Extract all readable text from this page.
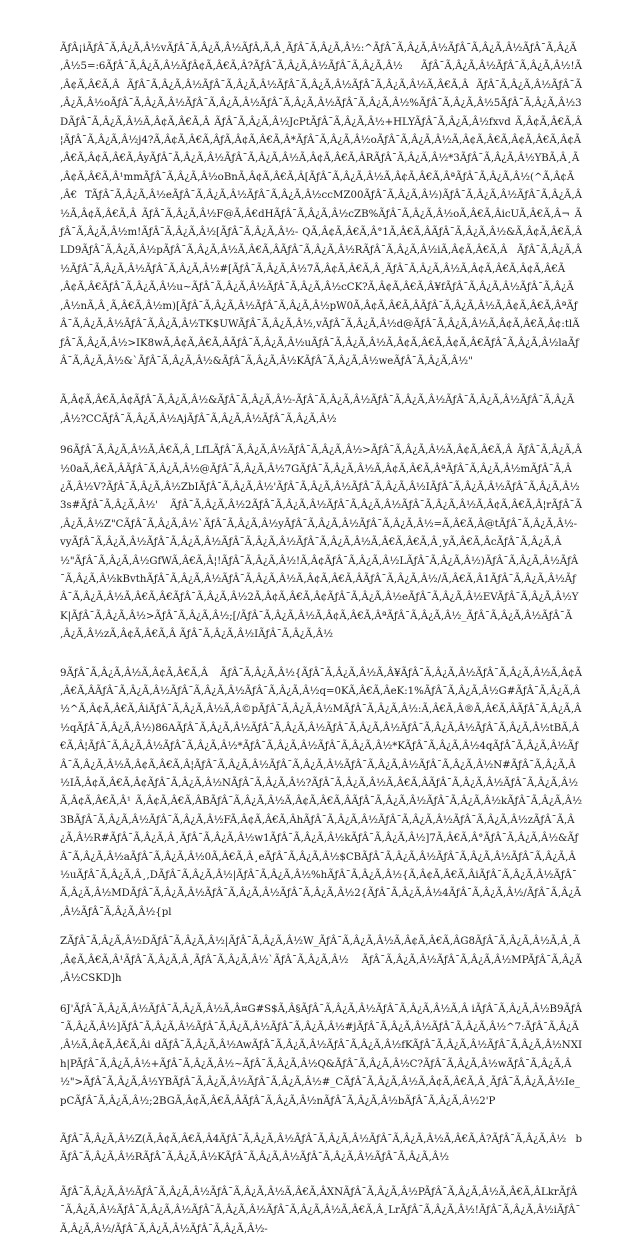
ÃƒÂ¡iÃƒÂ¯Ã‚Â¿Ã‚Â½vÃƒÂ¯Ã‚Â¿Ã‚Â½ÃƒÂ‚Ã‚Â¸ÃƒÂ¯Ã‚Â¿Ã‚Â½:^ÃƒÂ¯Ã‚Â¿Ã‚Â½ÃƒÂ¯Ã‚Â¿Ã‚Â½ÃƒÂ¯Ã‚Â¿Ã‚Â½5=:6ÃƒÂ¯Ã‚Â¿Ã‚Â½ÃƒÂ¢Ã‚Â€Ã‚Â?ÃƒÂ¯Ã‚Â¿Ã‚Â½ÃƒÂ¯Ã‚Â¿Ã‚Â½ ÃƒÂ¯Ã‚Â¿Ã‚Â½ÃƒÂ¯Ã‚Â¿Ã‚Â½!Ã‚Â¢Ã‚Â€Ã‚Â ÃƒÂ¯Ã‚Â¿Ã‚Â½ÃƒÂ¯Ã‚Â¿Ã‚Â½ÃƒÂ¯Ã‚Â¿Ã‚Â½ÃƒÂ¯Ã‚Â¿Ã‚Â½Ã‚Â€Ã‚Â ÃƒÂ¯Ã‚Â¿Ã‚Â½ÃƒÂ¯Ã‚Â¿Ã‚Â½oÃƒÂ¯Ã‚Â¿Ã‚Â½ÃƒÂ¯Ã‚Â¿Ã‚Â½ÃƒÂ¯Ã‚Â¿Ã‚Â½ÃƒÂ¯Ã‚Â¿Ã‚Â½%ÃƒÂ¯Ã‚Â¿Ã‚Â½5ÃƒÂ¯Ã‚Â¿Ã‚Â½3DÃƒÂ¯Ã‚Â¿Ã‚Â½Ã‚Â¢Ã‚Â€Ã‚Â ÃƒÂ¯Ã‚Â¿Ã‚Â½JcPtÃƒÂ¯Ã‚Â¿Ã‚Â½+HLYÃƒÂ¯Ã‚Â¿Ã‚Â½fxvd Ã‚Â¢Ã‚Â€Ã‚Â¦ÃƒÂ¯Ã‚Â¿Ã‚Â½j4?Ã‚Â¢Ã‚Â€Ã‚ÂƒÃ‚Â¢Ã‚Â€Ã‚Â*ÃƒÂ¯Ã‚Â¿Ã‚Â½oÃƒÂ¯Ã‚Â¿Ã‚Â½Ã‚Â¢Ã‚Â€Ã‚Â¢Ã‚Â€Ã‚Â¢Ã‚Â€Ã‚Â¢Ã‚Â€Ã‚ÂyÃƒÂ¯Ã‚Â¿Ã‚Â½ÃƒÂ¯Ã‚Â¿Ã‚Â½Ã‚Â¢Ã‚Â€Ã‚ÂRÃƒÂ¯Ã‚Â¿Ã‚Â½*3ÃƒÂ¯Ã‚Â¿Ã‚Â½YBÃ‚Â¸Ã‚Â¢Ã‚Â€Ã‚Â¹mmÃƒÂ¯Ã‚Â¿Ã‚Â½oBnÃ‚Â¢Ã‚Â€Ã‚Â[ÃƒÂ¯Ã‚Â¿Ã‚Â½Ã‚Â¢Ã‚Â€Ã‚ÂªÃƒÂ¯Ã‚Â¿Ã‚Â½(^Ã‚Â¢Ã‚Â€ TÃƒÂ¯Ã‚Â¿Ã‚Â½eÃƒÂ¯Ã‚Â¿Ã‚Â½ÃƒÂ¯Ã‚Â¿Ã‚Â½ccMZ00ÃƒÂ¯Ã‚Â¿Ã‚Â½)ÃƒÂ¯Ã‚Â¿Ã‚Â½ÃƒÂ¯Ã‚Â¿Ã‚Â½Ã‚Â¢Ã‚Â€Ã‚Â ÃƒÂ¯Ã‚Â¿Ã‚Â½F@Ã‚Â€dHÃƒÂ¯Ã‚Â¿Ã‚Â½cZB%ÃƒÂ¯Ã‚Â¿Ã‚Â½oÃ‚Â€Ã‚ÂicUÃ‚Â€Ã‚Â¬ ÃƒÂ¯Ã‚Â¿Ã‚Â½m!ÃƒÂ¯Ã‚Â¿Ã‚Â½[ÃƒÂ¯Ã‚Â¿Ã‚Â½- QÃ‚Â¢Ã‚Â€Ã‚Â°1Ã‚Â€Ã‚ÂÃƒÂ¯Ã‚Â¿Ã‚Â½&Ã‚Â¢Ã‚Â€Ã‚ÂLD9ÃƒÂ¯Ã‚Â¿Ã‚Â½pÃƒÂ¯Ã‚Â¿Ã‚Â½Ã‚Â€Ã‚ÂÃƒÂ¯Ã‚Â¿Ã‚Â½RÃƒÂ¯Ã‚Â¿Ã‚Â½iÃ‚Â¢Ã‚Â€Ã‚Â ÃƒÂ¯Ã‚Â¿Ã‚Â½ÃƒÂ¯Ã‚Â¿Ã‚Â½ÃƒÂ¯Ã‚Â¿Ã‚Â½#[ÃƒÂ¯Ã‚Â¿Ã‚Â½7Ã‚Â¢Ã‚Â€Ã‚Â¸ÃƒÂ¯Ã‚Â¿Ã‚Â½Ã‚Â¢Ã‚Â€Ã‚Â¢Ã‚Â€Ã‚Â¢Ã‚Â€ÃƒÂ¯Ã‚Â¿Ã‚Â½u~ÃƒÂ¯Ã‚Â¿Ã‚Â½ÃƒÂ¯Ã‚Â¿Ã‚Â½cCK?Ã‚Â¢Ã‚Â€Ã‚Â¥fÃƒÂ¯Ã‚Â¿Ã‚Â½ÃƒÂ¯Ã‚Â¿Ã‚Â½nÃ‚Â¸Ã‚Â€Ã‚Â½m)[ÃƒÂ¯Ã‚Â¿Ã‚Â½ÃƒÂ¯Ã‚Â¿Ã‚Â½pW0Ã‚Â¢Ã‚Â€Ã‚ÂÃƒÂ¯Ã‚Â¿Ã‚Â½Ã‚Â¢Ã‚Â€Ã‚ÂªÃƒÂ¯Ã‚Â¿Ã‚Â½ÃƒÂ¯Ã‚Â¿Ã‚Â½TK$UWÃƒÂ¯Ã‚Â¿Ã‚Â½,vÃƒÂ¯Ã‚Â¿Ã‚Â½d@ÃƒÂ¯Ã‚Â¿Ã‚Â½Ã‚Â¢Ã‚Â€Ã‚Â¢:tlÃƒÂ¯Ã‚Â¿Ã‚Â½>IK8wÃ‚Â¢Ã‚Â€Ã‚ÂÃƒÂ¯Ã‚Â¿Ã‚Â½uÃƒÂ¯Ã‚Â¿Ã‚Â½Ã‚Â¢Ã‚Â€Ã‚Â¢Ã‚Â€ÃƒÂ¯Ã‚Â¿Ã‚Â½laÃƒÂ¯Ã‚Â¿Ã‚Â½&`ÃƒÂ¯Ã‚Â¿Ã‚Â½&ÃƒÂ¯Ã‚Â¿Ã‚Â½KÃƒÂ¯Ã‚Â¿Ã‚Â½weÃƒÂ¯Ã‚Â¿Ã‚Â½"

Ã‚Â¢Ã‚Â€Ã‚Â¢ÃƒÂ¯Ã‚Â¿Ã‚Â½&ÃƒÂ¯Ã‚Â¿Ã‚Â½-ÃƒÂ¯Ã‚Â¿Ã‚Â½ÃƒÂ¯Ã‚Â¿Ã‚Â½ÃƒÂ¯Ã‚Â¿Ã‚Â½ÃƒÂ¯Ã‚Â¿Ã‚Â½?CCÃƒÂ¯Ã‚Â¿Ã‚Â½AjÃƒÂ¯Ã‚Â¿Ã‚Â½ÃƒÂ¯Ã‚Â¿Ã‚Â½

96ÃƒÂ¯Ã‚Â¿Ã‚Â½Ã‚Â€Ã‚Â¸LfLÃƒÂ¯Ã‚Â¿Ã‚Â½ÃƒÂ¯Ã‚Â¿Ã‚Â½>ÃƒÂ¯Ã‚Â¿Ã‚Â½Ã‚Â¢Ã‚Â€Ã‚Â ÃƒÂ¯Ã‚Â¿Ã‚Â½0aÃ‚Â€Ã‚ÂÃƒÂ¯Ã‚Â¿Ã‚Â½@ÃƒÂ¯Ã‚Â¿Ã‚Â½7GÃƒÂ¯Ã‚Â¿Ã‚Â½Ã‚Â¢Ã‚Â€Ã‚ÂªÃƒÂ¯Ã‚Â¿Ã‚Â½mÃƒÂ¯Ã‚Â¿Ã‚Â½V?ÃƒÂ¯Ã‚Â¿Ã‚Â½ZbIÃƒÂ¯Ã‚Â¿Ã‚Â½'ÃƒÂ¯Ã‚Â¿Ã‚Â½ÃƒÂ¯Ã‚Â¿Ã‚Â½IÃƒÂ¯Ã‚Â¿Ã‚Â½ÃƒÂ¯Ã‚Â¿Ã‚Â½3s#ÃƒÂ¯Ã‚Â¿Ã‚Â½' ÃƒÂ¯Ã‚Â¿Ã‚Â½2ÃƒÂ¯Ã‚Â¿Ã‚Â½ÃƒÂ¯Ã‚Â¿Ã‚Â½ÃƒÂ¯Ã‚Â¿Ã‚Â½Ã‚Â¢Ã‚Â€Ã‚Â¦rÃƒÂ¯Ã‚Â¿Ã‚Â½Z"CÃƒÂ¯Ã‚Â¿Ã‚Â½`ÃƒÂ¯Ã‚Â¿Ã‚Â½yÃƒÂ¯Ã‚Â¿Ã‚Â½ÃƒÂ¯Ã‚Â¿Ã‚Â½=Ã‚Â€Ã‚Â@tÃƒÂ¯Ã‚Â¿Ã‚Â½- vyÃƒÂ¯Ã‚Â¿Ã‚Â½ÃƒÂ¯Ã‚Â¿Ã‚Â½ÃƒÂ¯Ã‚Â¿Ã‚Â½ÃƒÂ¯Ã‚Â¿Ã‚Â½Ã‚Â€Ã‚Â€Ã‚Â¸yÃ‚Â€Ã‚ÂcÃƒÂ¯Ã‚Â¿Ã‚Â½"ÃƒÂ¯Ã‚Â¿Ã‚Â½GfWÃ‚Â€Ã‚Â¦!ÃƒÂ¯Ã‚Â¿Ã‚Â½!Ã‚Â¢ÃƒÂ¯Ã‚Â¿Ã‚Â½LÃƒÂ¯Ã‚Â¿Ã‚Â½)ÃƒÂ¯Ã‚Â¿Ã‚Â½ÃƒÂ¯Ã‚Â¿Ã‚Â½kBvthÃƒÂ¯Ã‚Â¿Ã‚Â½ÃƒÂ¯Ã‚Â¿Ã‚Â½Ã‚Â¢Ã‚Â€Ã‚ÂÃƒÂ¯Ã‚Â¿Ã‚Â½/Ã‚Â€Ã‚Â1ÃƒÂ¯Ã‚Â¿Ã‚Â½ÃƒÂ¯Ã‚Â¿Ã‚Â½Ã‚Â€Ã‚Â€ÃƒÂ¯Ã‚Â¿Ã‚Â½2Ã‚Â¢Ã‚Â€Ã‚Â¢ÃƒÂ¯Ã‚Â¿Ã‚Â½eÃƒÂ¯Ã‚Â¿Ã‚Â½EVÃƒÂ¯Ã‚Â¿Ã‚Â½YK|ÃƒÂ¯Ã‚Â¿Ã‚Â½>ÃƒÂ¯Ã‚Â¿Ã‚Â½;[/ÃƒÂ¯Ã‚Â¿Ã‚Â½Ã‚Â¢Ã‚Â€Ã‚ÂªÃƒÂ¯Ã‚Â¿Ã‚Â½_ÃƒÂ¯Ã‚Â¿Ã‚Â½ÃƒÂ¯Ã‚Â¿Ã‚Â½zÃ‚Â¢Ã‚Â€Ã‚Â ÃƒÂ¯Ã‚Â¿Ã‚Â½IÃƒÂ¯Ã‚Â¿Ã‚Â½

9ÃƒÂ¯Ã‚Â¿Ã‚Â½Ã‚Â¢Ã‚Â€Ã‚Â ÃƒÂ¯Ã‚Â¿Ã‚Â½{ÃƒÂ¯Ã‚Â¿Ã‚Â½Ã‚Â¥ÃƒÂ¯Ã‚Â¿Ã‚Â½ÃƒÂ¯Ã‚Â¿Ã‚Â½Ã‚Â¢Ã‚Â€Ã‚ÂÃƒÂ¯Ã‚Â¿Ã‚Â½ÃƒÂ¯Ã‚Â¿Ã‚Â½ÃƒÂ¯Ã‚Â¿Ã‚Â½q=0KÃ‚Â€Ã‚ÂeK:1%ÃƒÂ¯Ã‚Â¿Ã‚Â½G#ÃƒÂ¯Ã‚Â¿Ã‚Â½^Ã‚Â¢Ã‚Â€Ã‚ÂiÃƒÂ¯Ã‚Â¿Ã‚Â½Ã‚Â©pÃƒÂ¯Ã‚Â¿Ã‚Â½MÃƒÂ¯Ã‚Â¿Ã‚Â½:Ã‚Â€Ã‚Â®Ã‚Â€Ã‚ÂÃƒÂ¯Ã‚Â¿Ã‚Â½qÃƒÂ¯Ã‚Â¿Ã‚Â½)86AÃƒÂ¯Ã‚Â¿Ã‚Â½ÃƒÂ¯Ã‚Â¿Ã‚Â½ÃƒÂ¯Ã‚Â¿Ã‚Â½ÃƒÂ¯Ã‚Â¿Ã‚Â½ÃƒÂ¯Ã‚Â¿Ã‚Â½tBÃ‚Â€Ã‚Â¦ÃƒÂ¯Ã‚Â¿Ã‚Â½ÃƒÂ¯Ã‚Â¿Ã‚Â½*ÃƒÂ¯Ã‚Â¿Ã‚Â½ÃƒÂ¯Ã‚Â¿Ã‚Â½*KÃƒÂ¯Ã‚Â¿Ã‚Â½4qÃƒÂ¯Ã‚Â¿Ã‚Â½ÃƒÂ¯Ã‚Â¿Ã‚Â½Ã‚Â¢Ã‚Â€Ã‚Â¦ÃƒÂ¯Ã‚Â¿Ã‚Â½ÃƒÂ¯Ã‚Â¿Ã‚Â½ÃƒÂ¯Ã‚Â¿Ã‚Â½ÃƒÂ¯Ã‚Â¿Ã‚Â½N#ÃƒÂ¯Ã‚Â¿Ã‚Â½IÃ‚Â¢Ã‚Â€Ã‚Â¢ÃƒÂ¯Ã‚Â¿Ã‚Â½NÃƒÂ¯Ã‚Â¿Ã‚Â½?ÃƒÂ¯Ã‚Â¿Ã‚Â½Ã‚Â€Ã‚ÂÃƒÂ¯Ã‚Â¿Ã‚Â½ÃƒÂ¯Ã‚Â¿Ã‚Â½Ã‚Â¢Ã‚Â€Ã‚Â¹ Ã‚Â¢Ã‚Â€Ã‚ÂBÃƒÂ¯Ã‚Â¿Ã‚Â½Ã‚Â¢Ã‚Â€Ã‚ÂÃƒÂ¯Ã‚Â¿Ã‚Â½ÃƒÂ¯Ã‚Â¿Ã‚Â½kÃƒÂ¯Ã‚Â¿Ã‚Â½3BÃƒÂ¯Ã‚Â¿Ã‚Â½ÃƒÂ¯Ã‚Â¿Ã‚Â½FÃ‚Â¢Ã‚Â€Ã‚ÂhÃƒÂ¯Ã‚Â¿Ã‚Â½ÃƒÂ¯Ã‚Â¿Ã‚Â½ÃƒÂ¯Ã‚Â¿Ã‚Â½zÃƒÂ¯Ã‚Â¿Ã‚Â½R#ÃƒÂ¯Ã‚Â¿Ã‚Â¸ÃƒÂ¯Ã‚Â¿Ã‚Â½w1ÃƒÂ¯Ã‚Â¿Ã‚Â½kÃƒÂ¯Ã‚Â¿Ã‚Â½]7Ã‚Â€Ã‚Â°ÃƒÂ¯Ã‚Â¿Ã‚Â½&ÃƒÂ¯Ã‚Â¿Ã‚Â½aÃƒÂ¯Ã‚Â¿Ã‚Â½0Ã‚Â€Ã‚Â¸eÃƒÂ¯Ã‚Â¿Ã‚Â½$CBÃƒÂ¯Ã‚Â¿Ã‚Â½ÃƒÂ¯Ã‚Â¿Ã‚Â½ÃƒÂ¯Ã‚Â¿Ã‚Â½uÃƒÂ¯Ã‚Â¿Ã‚Â¸,DÃƒÂ¯Ã‚Â¿Ã‚Â½|ÃƒÂ¯Ã‚Â¿Ã‚Â½%hÃƒÂ¯Ã‚Â¿Ã‚Â½{Ã‚Â¢Ã‚Â€Ã‚ÂiÃƒÂ¯Ã‚Â¿Ã‚Â½ÃƒÂ¯Ã‚Â¿Ã‚Â½MDÃƒÂ¯Ã‚Â¿Ã‚Â½ÃƒÂ¯Ã‚Â¿Ã‚Â½ÃƒÂ¯Ã‚Â¿Ã‚Â½2{ÃƒÂ¯Ã‚Â¿Ã‚Â½4ÃƒÂ¯Ã‚Â¿Ã‚Â½/ÃƒÂ¯Ã‚Â¿Ã‚Â½ÃƒÂ¯Ã‚Â¿Ã‚Â½{pl

ZÃƒÂ¯Ã‚Â¿Ã‚Â½DÃƒÂ¯Ã‚Â¿Ã‚Â½|ÃƒÂ¯Ã‚Â¿Ã‚Â½W_ÃƒÂ¯Ã‚Â¿Ã‚Â½Ã‚Â¢Ã‚Â€Ã‚ÂG8ÃƒÂ¯Ã‚Â¿Ã‚Â½Ã‚Â¸Ã‚Â¢Ã‚Â€Ã‚Â¹ÃƒÂ¯Ã‚Â¿Ã‚Â¸ÃƒÂ¯Ã‚Â¿Ã‚Â½`ÃƒÂ¯Ã‚Â¿Ã‚Â½ ÃƒÂ¯Ã‚Â¿Ã‚Â½ÃƒÂ¯Ã‚Â¿Ã‚Â½MPÃƒÂ¯Ã‚Â¿Ã‚Â½CSKD]h

6J'ÃƒÂ¯Ã‚Â¿Ã‚Â½ÃƒÂ¯Ã‚Â¿Ã‚Â½Ã‚Â¤G#S$Ã‚Â§ÃƒÂ¯Ã‚Â¿Ã‚Â½ÃƒÂ¯Ã‚Â¿Ã‚Â½Ã‚Â iÃƒÂ¯Ã‚Â¿Ã‚Â½B9ÃƒÂ¯Ã‚Â¿Ã‚Â½]ÃƒÂ¯Ã‚Â¿Ã‚Â½ÃƒÂ¯Ã‚Â¿Ã‚Â½ÃƒÂ¯Ã‚Â¿Ã‚Â½#jÃƒÂ¯Ã‚Â¿Ã‚Â½ÃƒÂ¯Ã‚Â¿Ã‚Â½^7:ÃƒÂ¯Ã‚Â¿Ã‚Â½Ã‚Â¢Ã‚Â€Ã‚Âi dÃƒÂ¯Ã‚Â¿Ã‚Â½AwÃƒÂ¯Ã‚Â¿Ã‚Â½ÃƒÂ¯Ã‚Â¿Ã‚Â½fKÃƒÂ¯Ã‚Â¿Ã‚Â½ÃƒÂ¯Ã‚Â¿Ã‚Â½NXIh|PÃƒÂ¯Ã‚Â¿Ã‚Â½+ÃƒÂ¯Ã‚Â¿Ã‚Â½~ÃƒÂ¯Ã‚Â¿Ã‚Â½Q&ÃƒÂ¯Ã‚Â¿Ã‚Â½C?ÃƒÂ¯Ã‚Â¿Ã‚Â½wÃƒÂ¯Ã‚Â¿Ã‚Â½">ÃƒÂ¯Ã‚Â¿Ã‚Â½YBÃƒÂ¯Ã‚Â¿Ã‚Â½ÃƒÂ¯Ã‚Â¿Ã‚Â½#_CÃƒÂ¯Ã‚Â¿Ã‚Â½Ã‚Â¢Ã‚Â€Ã‚Â¸ÃƒÂ¯Ã‚Â¿Ã‚Â½Ie_pCÃƒÂ¯Ã‚Â¿Ã‚Â½;2BGÃ‚Â¢Ã‚Â€Ã‚ÂÃƒÂ¯Ã‚Â¿Ã‚Â½nÃƒÂ¯Ã‚Â¿Ã‚Â½bÃƒÂ¯Ã‚Â¿Ã‚Â½2'P

ÃƒÂ¯Ã‚Â¿Ã‚Â½Z(Ã‚Â¢Ã‚Â€Ã‚Â4ÃƒÂ¯Ã‚Â¿Ã‚Â½ÃƒÂ¯Ã‚Â¿Ã‚Â½ÃƒÂ¯Ã‚Â¿Ã‚Â½Ã‚Â€Ã‚Â?ÃƒÂ¯Ã‚Â¿Ã‚Â½ bÃƒÂ¯Ã‚Â¿Ã‚Â½RÃƒÂ¯Ã‚Â¿Ã‚Â½KÃƒÂ¯Ã‚Â¿Ã‚Â½ÃƒÂ¯Ã‚Â¿Ã‚Â½ÃƒÂ¯Ã‚Â¿Ã‚Â½

ÃƒÂ¯Ã‚Â¿Ã‚Â½ÃƒÂ¯Ã‚Â¿Ã‚Â½ÃƒÂ¯Ã‚Â¿Ã‚Â½Ã‚Â€Ã‚ÂXNÃƒÂ¯Ã‚Â¿Ã‚Â½PÃƒÂ¯Ã‚Â¿Ã‚Â½Ã‚Â€Ã‚ÂLkrÃƒÂ¯Ã‚Â¿Ã‚Â½ÃƒÂ¯Ã‚Â¿Ã‚Â½ÃƒÂ¯Ã‚Â¿Ã‚Â½ÃƒÂ¯Ã‚Â¿Ã‚Â½Ã‚Â€Ã‚Â¸LrÃƒÂ¯Ã‚Â¿Ã‚Â½!ÃƒÂ¯Ã‚Â¿Ã‚Â½iÃƒÂ¯Ã‚Â¿Ã‚Â½/ÃƒÂ¯Ã‚Â¿Ã‚Â½ÃƒÂ¯Ã‚Â¿Ã‚Â½-
